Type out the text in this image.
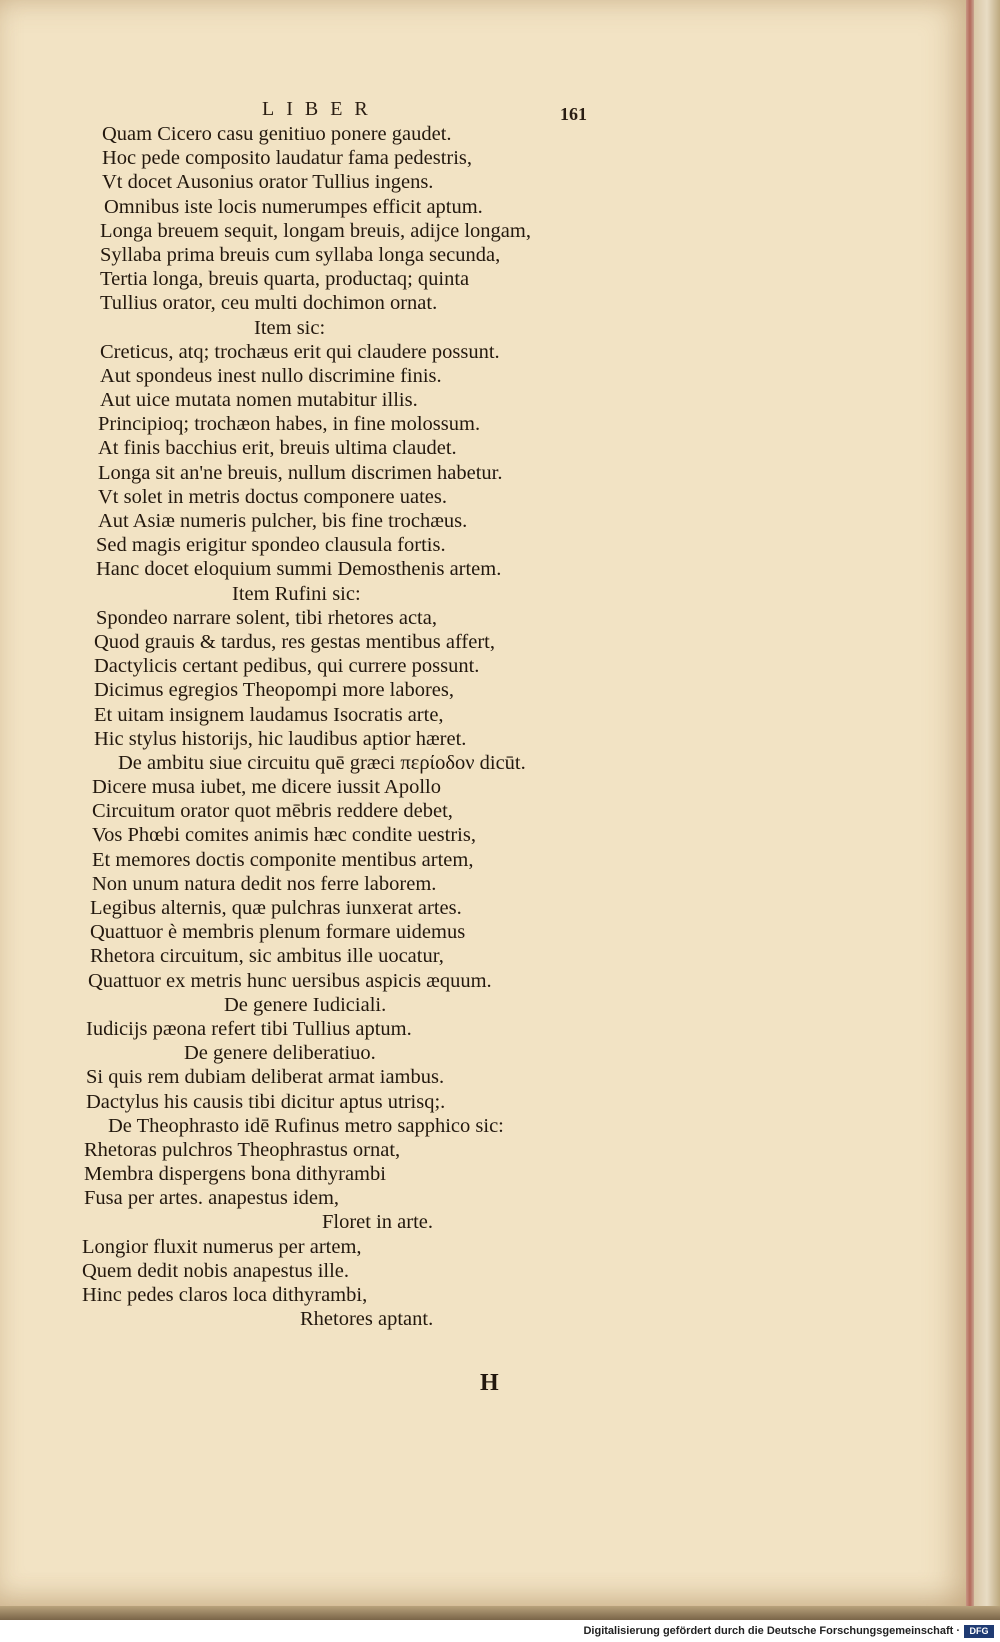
LIBER	161
Quam Cicero casu genitiuo ponere gaudet.
Hoc pede composito laudatur fama pedestris,
Vt docet Ausonius orator Tullius ingens.
Omnibus iste locis numerumpes efficit aptum.
Longa breuem sequit, longam breuis, adijce longam,
Syllaba prima breuis cum syllaba longa secunda,
Tertia longa, breuis quarta, productaq; quinta
Tullius orator, ceu multi dochimon ornat.
Item sic:
Creticus, atq; trochæus erit qui claudere possunt.
Aut spondeus inest nullo discrimine finis.
Aut uice mutata nomen mutabitur illis.
Principioq; trochæon habes, in fine molossum.
At finis bacchius erit, breuis ultima claudet.
Longa sit an'ne breuis, nullum discrimen habetur.
Vt solet in metris doctus componere uates.
Aut Asiæ numeris pulcher, bis fine trochæus.
Sed magis erigitur spondeo clausula fortis.
Hanc docet eloquium summi Demosthenis artem.
Item Rufini sic:
Spondeo narrare solent, tibi rhetores acta,
Quod grauis & tardus, res gestas mentibus affert,
Dactylicis certant pedibus, qui currere possunt.
Dicimus egregios Theopompi more labores,
Et uitam insignem laudamus Isocratis arte,
Hic stylus historijs, hic laudibus aptior hæret.
De ambitu siue circuitu quē græci περίοδον dicūt.
Dicere musa iubet, me dicere iussit Apollo
Circuitum orator quot mēbris reddere debet,
Vos Phœbi comites animis hæc condite uestris,
Et memores doctis componite mentibus artem,
Non unum natura dedit nos ferre laborem.
Legibus alternis, quæ pulchras iunxerat artes.
Quattuor è membris plenum formare uidemus
Rhetora circuitum, sic ambitus ille uocatur,
Quattuor ex metris hunc uersibus aspicis æquum.
De genere Iudiciali.
Iudicijs pæona refert tibi Tullius aptum.
De genere deliberatiuo.
Si quis rem dubiam deliberat armat iambus.
Dactylus his causis tibi dicitur aptus utrisq;.
De Theophrasto idē Rufinus metro sapphico sic:
Rhetoras pulchros Theophrastus ornat,
Membra dispergens bona dithyrambi
Fusa per artes. anapestus idem,
Floret in arte.
Longior fluxit numerus per artem,
Quem dedit nobis anapestus ille.
Hinc pedes claros loca dithyrambi,
Rhetores aptant.
H
Digitalisierung gefördert durch die Deutsche Forschungsgemeinschaft ·	DFG
